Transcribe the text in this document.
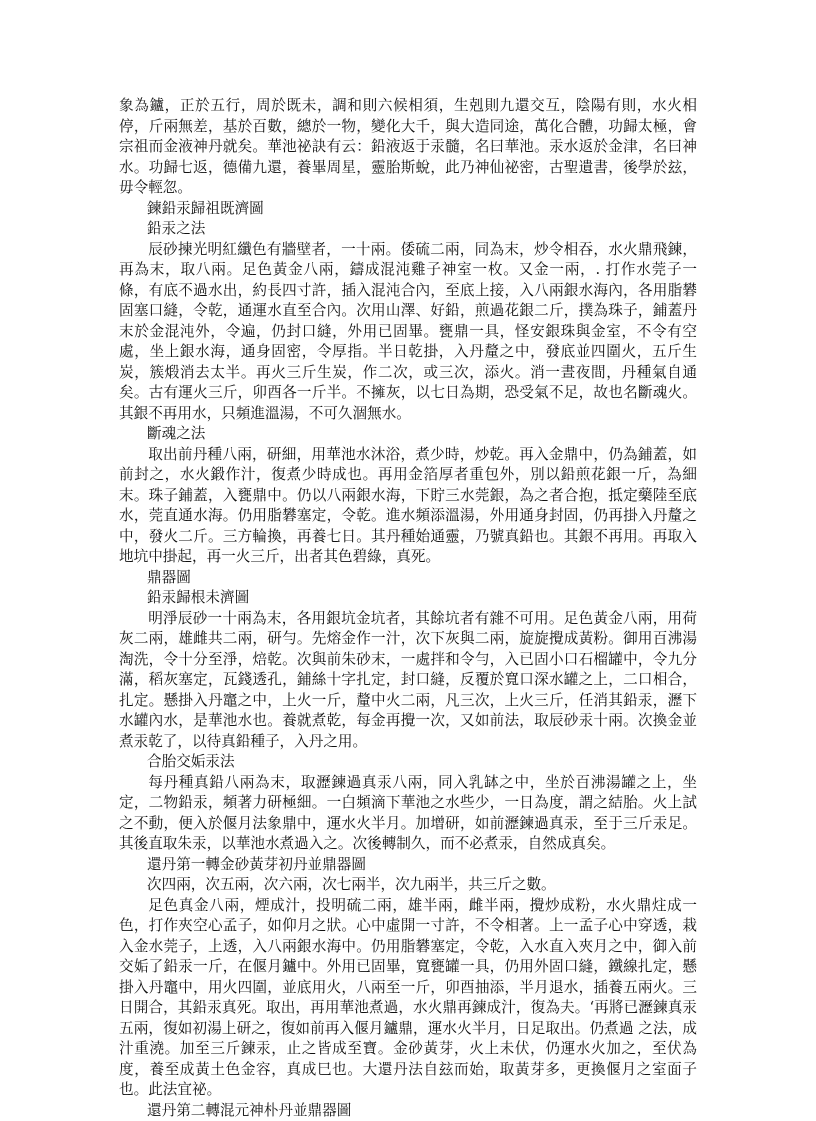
象為鑪，正於五行，周於既未，調和則六候相須，生剋則九還交互，陰陽有則，水火相停，斤兩無差，基於百數，總於一物，變化大千，與大造同途，萬化合體，功歸太極，會宗祖而金液神丹就矣。華池祕訣有云：鉛液返于汞髓，名曰華池。汞水返於金津，名曰神水。功歸七返，德備九還，養畢周星，靈胎斯蛻，此乃神仙祕密，古聖遺書，後學於玆，毋令輕忽。

鍊鉛汞歸祖既濟圖

鉛汞之法

辰砂揀光明紅纖色有牆壁者，一十兩。倭硫二兩，同為末，炒令相吞，水火鼎飛鍊，再為末，取八兩。足色黃金八兩，鑄成混沌雞子神室一枚。又金一兩，. 打作水莞子一條，有底不過水出，約長四寸許，插入混沌合內，至底上接，入八兩銀水海內，各用脂礬固塞口縫，令乾，通運水直至合內。次用山澤、好鉛，煎過花銀二斤，撲為珠子，鋪蓋丹末於金混沌外，令遍，仍封口縫，外用已固畢。甕鼎一具，怪安銀珠與金室，不令有空處，坐上銀水海，通身固密，令厚指。半日乾掛，入丹釐之中，發底並四圍火，五斤生炭，簇煅消去太半。再火三斤生炭，作二次，或三次，添火。消一晝夜間，丹種氣自通矣。古有運火三斤，卯酉各一斤半。不擁灰，以七日為期，恐受氣不足，故也名斷魂火。其銀不再用水，只頻進溫湯，不可久涸無水。

斷魂之法

取出前丹種八兩，研細，用華池水沐浴，煮少時，炒乾。再入金鼎中，仍為鋪蓋，如前封之，水火鍛作汁，復煮少時成也。再用金箔厚者重包外，別以鉛煎花銀一斤，為細末。珠子鋪蓋，入甕鼎中。仍以八兩銀水海，下貯三水莞銀，為之者合抱，抵定藥陸至底水，莞直通水海。仍用脂礬塞定，令乾。進水頻添溫湯，外用通身封固，仍再掛入丹釐之中，發火二斤。三方輪換，再養七日。其丹種始通靈，乃號真鉛也。其銀不再用。再取入地坑中掛起，再一火三斤，出者其色碧綠，真死。

鼎器圖

鉛汞歸根未濟圖

明淨辰砂一十兩為末，各用銀坑金坑者，其餘坑者有雜不可用。足色黃金八兩，用荷灰二兩，雄雌共二兩，研勻。先熔金作一汁，次下灰與二兩，旋旋攪成黃粉。御用百沸湯淘洗，令十分至淨，焙乾。次與前朱砂末，一處拌和令勻，入已固小口石榴罐中，令九分滿，稻灰塞定，瓦錢透孔，鋪絲十字扎定，封口縫，反覆於寬口深水罐之上，二口相合，扎定。懸掛入丹竈之中，上火一斤，釐中火二兩，凡三次，上火三斤，任消其鉛汞，瀝下水罐內水，是華池水也。養就煮乾，每金再攪一次，又如前法，取辰砂汞十兩。次換金並煮汞乾了，以待真鉛種子，入丹之用。

合胎交姤汞法

每丹種真鉛八兩為末，取瀝鍊過真汞八兩，同入乳缽之中，坐於百沸湯罐之上，坐定，二物鉛汞，頻著力研極細。一白頻滴下華池之水些少，一日為度，謂之結胎。火上試之不動，便入於偃月法象鼎中，運水火半月。加增研，如前瀝鍊過真汞，至于三斤汞足。其後直取朱汞，以華池水煮過入之。次後轉制久，而不必煮汞，自然成真矣。

還丹第一轉金砂黃芽初丹並鼎器圖

次四兩，次五兩，次六兩，次七兩半，次九兩半，共三斤之數。

足色真金八兩，煙成汁，投明硫二兩，雄半兩，雌半兩，攪炒成粉，水火鼎炷成一色，打作夾空心孟子，如仰月之狀。心中虛開一寸許，不令相著。上一孟子心中穿透，栽入金水莞子，上透，入八兩銀水海中。仍用脂礬塞定，令乾，入水直入夾月之中，御入前交姤了鉛汞一斤，在偃月鑪中。外用已固畢，寬甕罐一具，仍用外固口縫，鐵線扎定，懸掛入丹竈中，用火四圍，並底用火，八兩至一斤，卯酉抽添，半月退水，插養五兩火。三日開合，其鉛汞真死。取出，再用華池煮過，水火鼎再鍊成汁，復為夫。‘再將已瀝鍊真汞五兩，復如初湯上研之，復如前再入偃月鑪鼎，運水火半月，日足取出。仍煮過 之法，成汁重澆。加至三斤鍊汞，止之皆成至寶。金砂黃芽，火上未伏，仍運水火加之，至伏為度，養至成黃土色金容，真成巳也。大還丹法自玆而始，取黃芽多，更換偃月之室面子也。此法宜祕。

還丹第二轉混元神朴丹並鼎器圖
